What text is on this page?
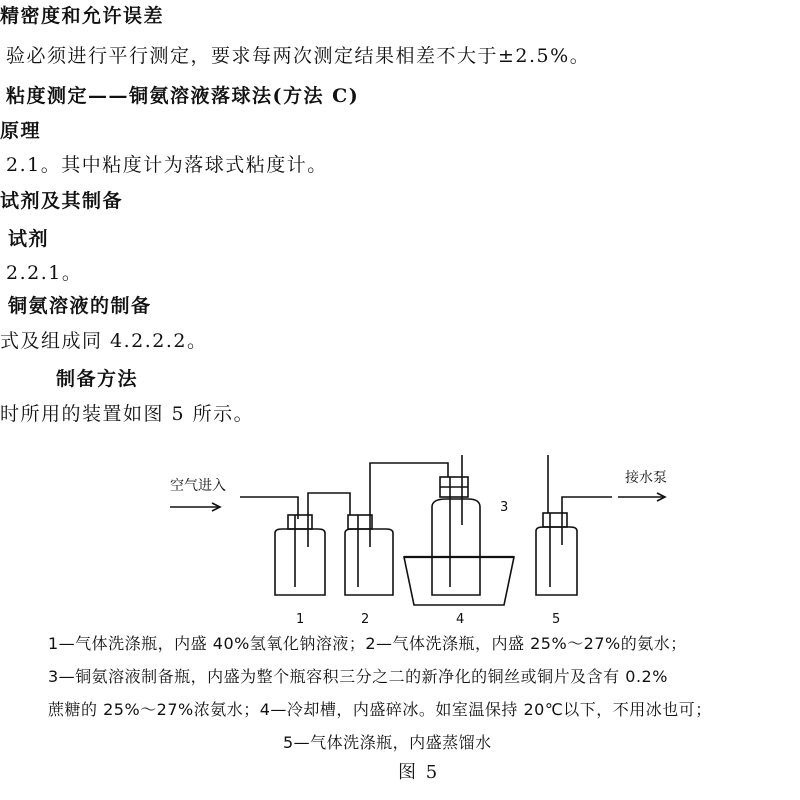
精密度和允许误差
验必须进行平行测定，要求每两次测定结果相差不大于±2.5%。
粘度测定——铜氨溶液落球法(方法 C)
原理
2.1。其中粘度计为落球式粘度计。
试剂及其制备
试剂
2.2.1。
铜氨溶液的制备
式及组成同 4.2.2.2。
制备方法
时所用的装置如图 5 所示。
空气进入	接水泵
1	2
3
4	5
1—气体洗涤瓶，内盛 40%氢氧化钠溶液；2—气体洗涤瓶，内盛 25%～27%的氨水；
3—铜氨溶液制备瓶，内盛为整个瓶容积三分之二的新净化的铜丝或铜片及含有 0.2%
蔗糖的 25%～27%浓氨水；4—冷却槽，内盛碎冰。如室温保持 20℃以下，不用冰也可；
5—气体洗涤瓶，内盛蒸馏水
图 5
